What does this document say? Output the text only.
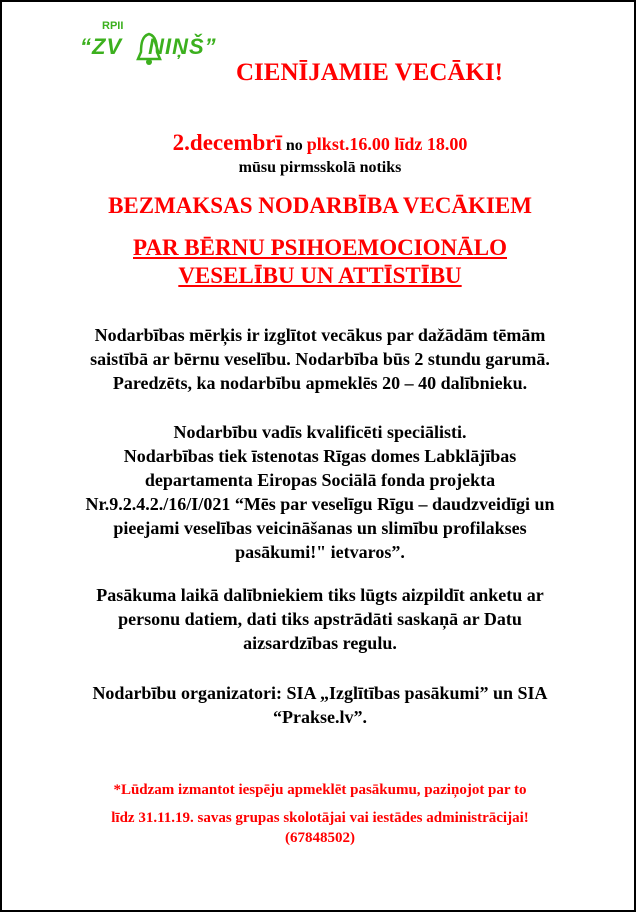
RPII
“ZV NIŅŠ”
CIENĪJAMIE VECĀKI!
2.decembrī no plkst.16.00 līdz 18.00
mūsu pirmsskolā notiks
BEZMAKSAS NODARBĪBA VECĀKIEM
PAR BĒRNU PSIHOEMOCIONĀLO
VESELĪBU UN ATTĪSTĪBU
Nodarbības mērķis ir izglītot vecākus par dažādām tēmām
saistībā ar bērnu veselību. Nodarbība būs 2 stundu garumā.
Paredzēts, ka nodarbību apmeklēs 20 – 40 dalībnieku.
Nodarbību vadīs kvalificēti speciālisti.
Nodarbības tiek īstenotas Rīgas domes Labklājības
departamenta Eiropas Sociālā fonda projekta
Nr.9.2.4.2./16/I/021 “Mēs par veselīgu Rīgu – daudzveidīgi un
pieejami veselības veicināšanas un slimību profilakses
pasākumi!" ietvaros”.
Pasākuma laikā dalībniekiem tiks lūgts aizpildīt anketu ar
personu datiem, dati tiks apstrādāti saskaņā ar Datu
aizsardzības regulu.
Nodarbību organizatori: SIA „Izglītības pasākumi” un SIA
“Prakse.lv”.
*Lūdzam izmantot iespēju apmeklēt pasākumu, paziņojot par to
līdz 31.11.19. savas grupas skolotājai vai iestādes administrācijai!
(67848502)
